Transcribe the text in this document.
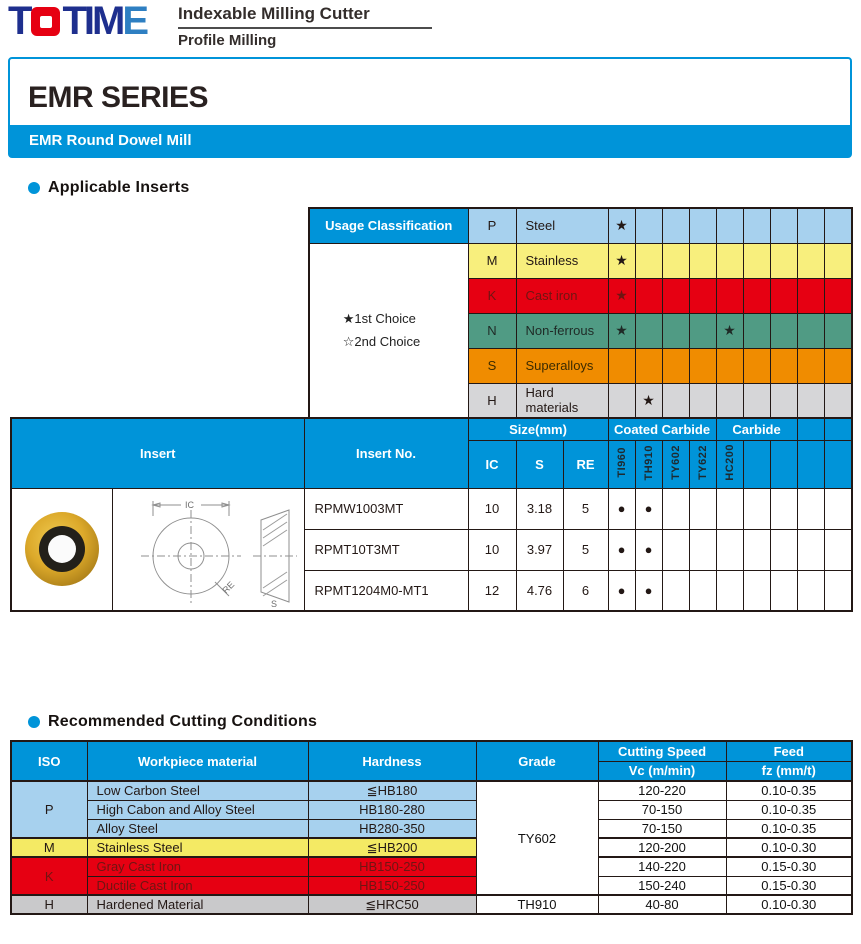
T TIM E Indexable Milling Cutter
Profile Milling
EMR SERIES
EMR Round Dowel Mill
Applicable Inserts
Usage Classification	P	Steel	★								

★1st Choice
☆2nd Choice	M	Stainless	★								
	K	Cast iron	★								
	N	Non-ferrous	★				★				
	S	Superalloys									
	H	Hard materials		★							
Insert		Insert No.	Size(mm)			Coated Carbide				Carbide				
			IC	S	RE	TI960	TH910	TY602	TY622	HC200				

IC
RE
S	RPMW1003MT	10	3.18	5	●	●							
		RPMT10T3MT	10	3.97	5	●	●							
		RPMT1204M0-MT1	12	4.76	6	●	●							
Recommended Cutting Conditions
ISO	Workpiece material	Hardness	Grade	Cutting Speed	Feed
				Vc (m/min)	fz (mm/t)
P	Low Carbon Steel	≦HB180	TY602	120-220	0.10-0.35
	High Cabon and Alloy Steel	HB180-280		70-150	0.10-0.35
	Alloy Steel	HB280-350		70-150	0.10-0.35
M	Stainless Steel	≦HB200		120-200	0.10-0.30
K	Gray Cast Iron	HB150-250		140-220	0.15-0.30
	Ductile Cast Iron	HB150-250		150-240	0.15-0.30
H	Hardened Material	≦HRC50	TH910	40-80	0.10-0.30
